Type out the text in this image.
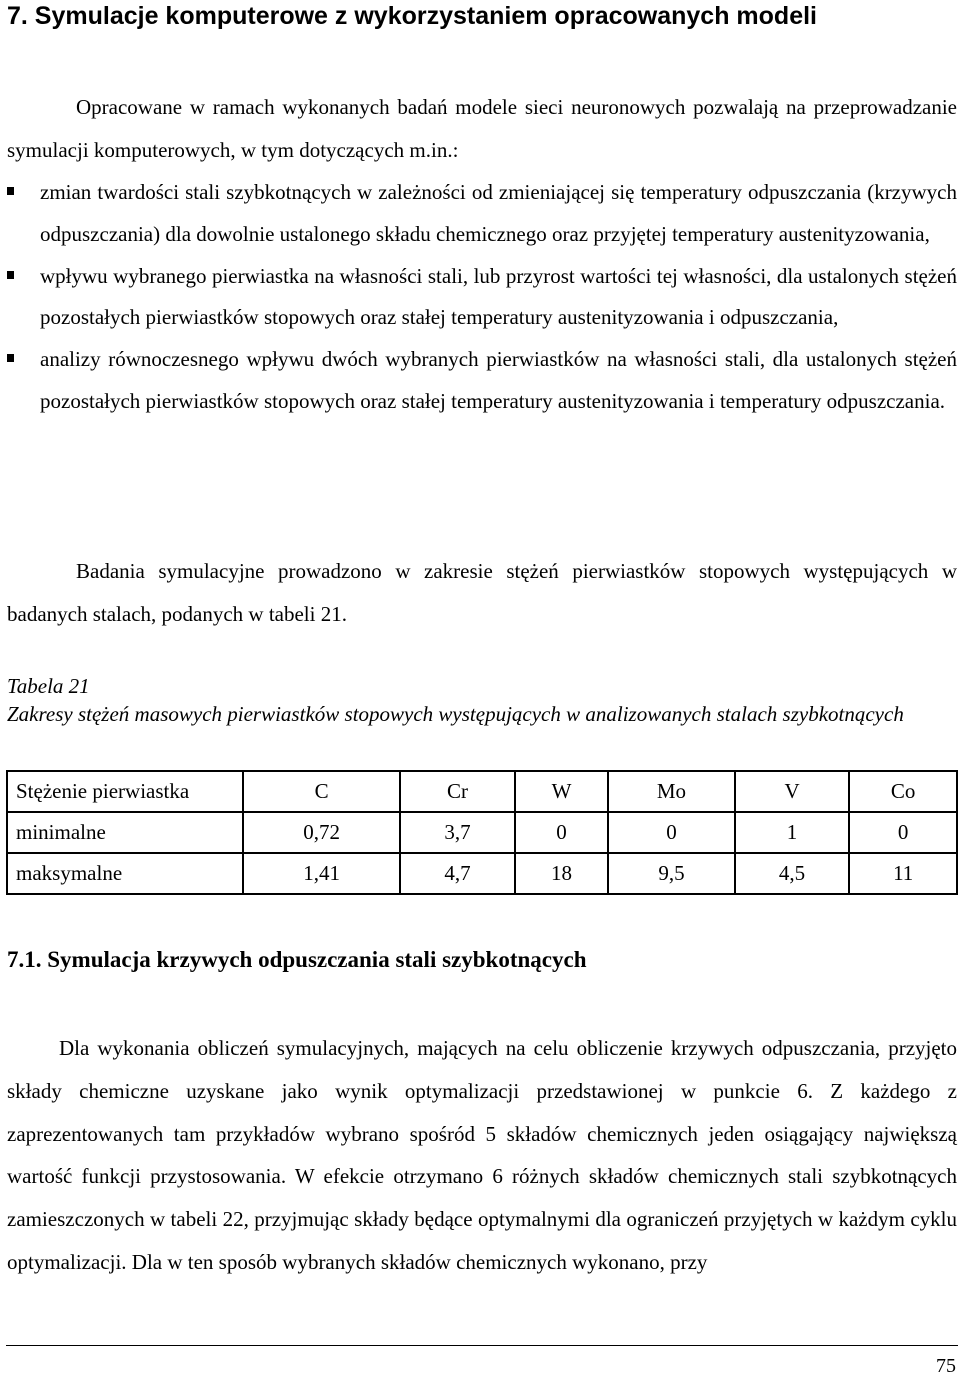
7. Symulacje komputerowe z wykorzystaniem opracowanych modeli

Opracowane w ramach wykonanych badań modele sieci neuronowych pozwalają na przeprowadzanie symulacji komputerowych, w tym dotyczących m.in.:

zmian twardości stali szybkotnących w zależności od zmieniającej się temperatury odpuszczania (krzywych odpuszczania) dla dowolnie ustalonego składu chemicznego oraz przyjętej temperatury austenityzowania,
wpływu wybranego pierwiastka na własności stali, lub przyrost wartości tej własności, dla ustalonych stężeń pozostałych pierwiastków stopowych oraz stałej temperatury austenityzowania i odpuszczania,
analizy równoczesnego wpływu dwóch wybranych pierwiastków na własności stali, dla ustalonych stężeń pozostałych pierwiastków stopowych oraz stałej temperatury austenityzowania i temperatury odpuszczania.

Badania symulacyjne prowadzono w zakresie stężeń pierwiastków stopowych występujących w badanych stalach, podanych w tabeli 21.

Tabela 21

Zakresy stężeń masowych pierwiastków stopowych występujących w analizowanych stalach szybkotnących

Stężenie pierwiastka	C	Cr	W	Mo	V	Co
minimalne	0,72	3,7	0	0	1	0
maksymalne	1,41	4,7	18	9,5	4,5	11
7.1. Symulacja krzywych odpuszczania stali szybkotnących

Dla wykonania obliczeń symulacyjnych, mających na celu obliczenie krzywych odpuszczania, przyjęto składy chemiczne uzyskane jako wynik optymalizacji przedstawionej w punkcie 6. Z każdego z zaprezentowanych tam przykładów wybrano spośród 5 składów chemicznych jeden osiągający największą wartość funkcji przystosowania. W efekcie otrzymano 6 różnych składów chemicznych stali szybkotnących zamieszczonych w tabeli 22, przyjmując składy będące optymalnymi dla ograniczeń przyjętych w każdym cyklu optymalizacji. Dla w ten sposób wybranych składów chemicznych wykonano, przy

75
